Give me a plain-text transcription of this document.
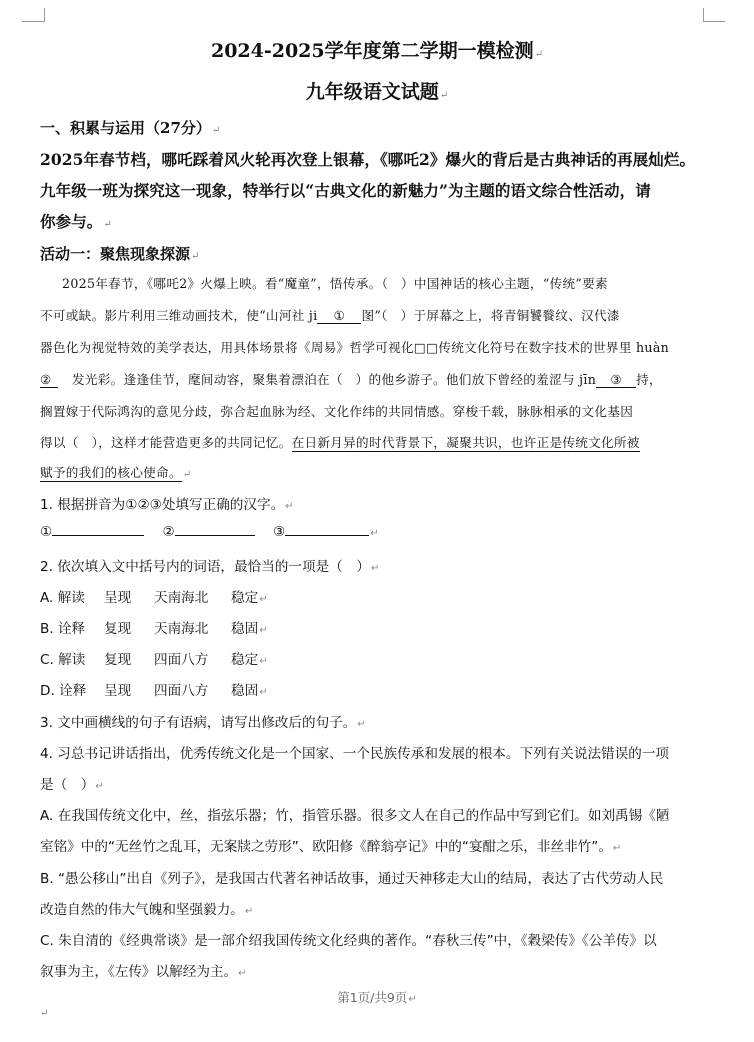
2024-2025学年度第二学期一模检测↵
九年级语文试题↵
一、积累与运用（27分）↵
2025年春节档，哪吒踩着风火轮再次登上银幕，《哪吒2》爆火的背后是古典神话的再展灿烂。
九年级一班为探究这一现象，特举行以“古典文化的新魅力”为主题的语文综合性活动，请
你参与。↵
活动一：聚焦现象探源↵
2025年春节，《哪吒2》火爆上映。看“魔童”，悟传承。（　）中国神话的核心主题，“传统”要素
不可或缺。影片利用三维动画技术，使“山河社 ji ① 图”（　）于屏幕之上，将青铜饕餮纹、汉代漆
器色化为视觉特效的美学表达，用具体场景将《周易》哲学可视化□□传统文化符号在数字技术的世界里 huàn
② 发光彩。逢逢佳节，麾间动容，聚集着漂泊在（　）的他乡游子。他们放下曾经的羞涩与 jīn ③ 持，
搁置嫁于代际鸿沟的意见分歧，弥合起血脉为经、文化作纬的共同情感。穿梭千载，脉脉相承的文化基因
得以（　），这样才能营造更多的共同记忆。在日新月异的时代背景下，凝聚共识，也许正是传统文化所被
赋予的我们的核心使命。↵
1. 根据拼音为①②③处填写正确的汉字。↵
①	②	③	↵
2. 依次填入文中括号内的词语，最恰当的一项是（　）↵
A. 解读 呈现 天南海北 稳定↵
B. 诠释 复现 天南海北 稳固↵
C. 解读 复现 四面八方 稳定↵
D. 诠释 呈现 四面八方 稳固↵
3. 文中画横线的句子有语病，请写出修改后的句子。↵
4. 习总书记讲话指出，优秀传统文化是一个国家、一个民族传承和发展的根本。下列有关说法错误的一项
是（　）↵
A. 在我国传统文化中，丝，指弦乐器；竹，指管乐器。很多文人在自己的作品中写到它们。如刘禹锡《陋
室铭》中的“无丝竹之乱耳，无案牍之劳形”、欧阳修《醉翁亭记》中的“宴酣之乐，非丝非竹”。↵
B. “愚公移山”出自《列子》，是我国古代著名神话故事，通过天神移走大山的结局，表达了古代劳动人民
改造自然的伟大气魄和坚强毅力。↵
C. 朱自清的《经典常谈》是一部介绍我国传统文化经典的著作。“春秋三传”中，《穀梁传》《公羊传》以
叙事为主，《左传》以解经为主。↵
第1页/共9页↵
↵
